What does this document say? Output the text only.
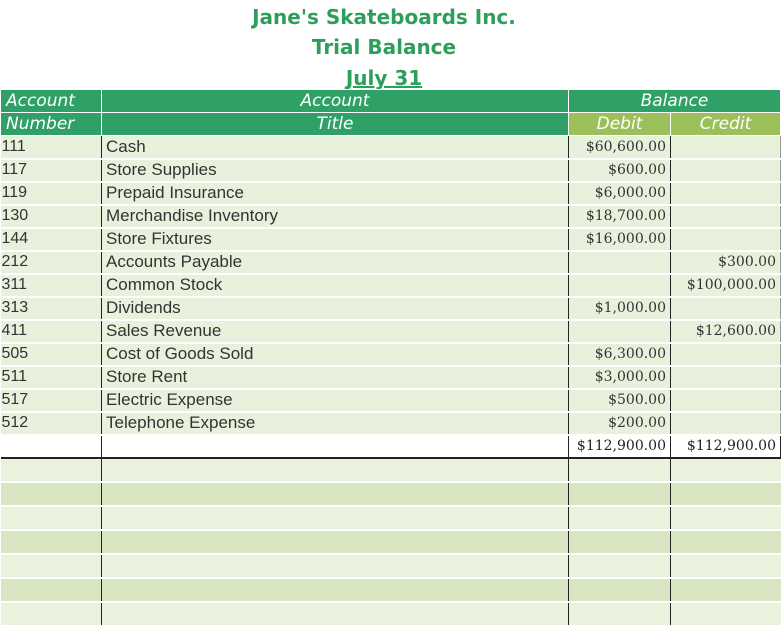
Jane's Skateboards Inc.
Trial Balance
July 31
Account	Account	Balance	
Number	Title	Debit	Credit
111	Cash	$60,600.00	
117	Store Supplies	$600.00	
119	Prepaid Insurance	$6,000.00	
130	Merchandise Inventory	$18,700.00	
144	Store Fixtures	$16,000.00	
212	Accounts Payable		$300.00
311	Common Stock		$100,000.00
313	Dividends	$1,000.00	
411	Sales Revenue		$12,600.00
505	Cost of Goods Sold	$6,300.00	
511	Store Rent	$3,000.00	
517	Electric Expense	$500.00	
512	Telephone Expense	$200.00	
		$112,900.00	$112,900.00
